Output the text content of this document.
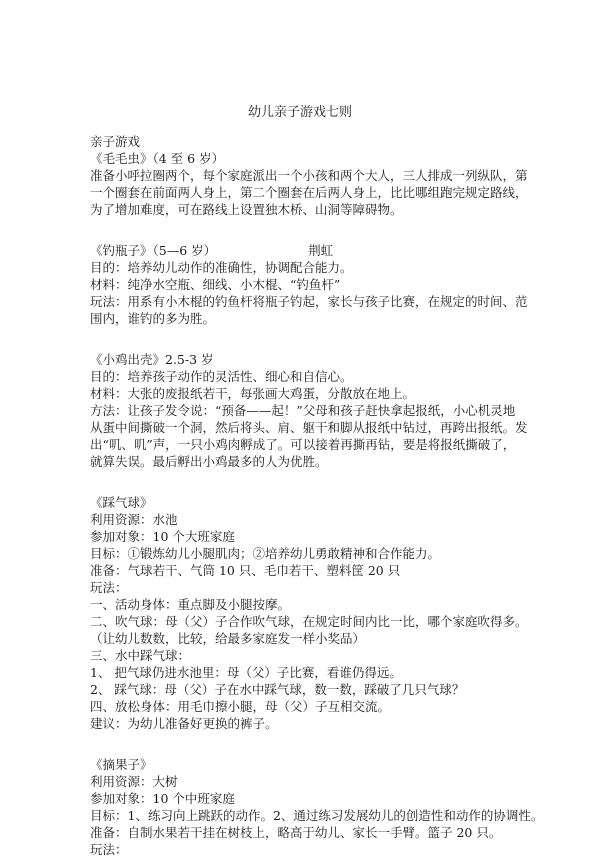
幼儿亲子游戏七则
亲子游戏
《毛毛虫》（4 至 6 岁）
准备小呼拉圈两个，每个家庭派出一个小孩和两个大人，三人排成一列纵队，第
一个圈套在前面两人身上，第二个圈套在后两人身上，比比哪组跑完规定路线，
为了增加难度，可在路线上设置独木桥、山洞等障碍物。
《钓瓶子》（5—6 岁）	荆虹
目的：培养幼儿动作的准确性，协调配合能力。
材料：纯净水空瓶、细线、小木棍、“钓鱼杆”
玩法：用系有小木棍的钓鱼杆将瓶子钓起，家长与孩子比赛，在规定的时间、范
围内，谁钓的多为胜。
《小鸡出壳》2.5-3 岁
目的：培养孩子动作的灵活性、细心和自信心。
材料：大张的废报纸若干，每张画大鸡蛋，分散放在地上。
方法：让孩子发令说：“预备——起！”父母和孩子赶快拿起报纸，小心机灵地
从蛋中间撕破一个洞，然后将头、肩、躯干和脚从报纸中钻过，再跨出报纸。发
出“叽、叽”声，一只小鸡肉孵成了。可以接着再撕再钻，要是将报纸撕破了，
就算失误。最后孵出小鸡最多的人为优胜。
《踩气球》
利用资源：水池
参加对象：10 个大班家庭
目标：①锻炼幼儿小腿肌肉；②培养幼儿勇敢精神和合作能力。
准备：气球若干、气筒 10 只、毛巾若干、塑料筐 20 只
玩法：
一、活动身体：重点脚及小腿按摩。
二、吹气球：母（父）子合作吹气球，在规定时间内比一比，哪个家庭吹得多。
（让幼儿数数，比较，给最多家庭发一样小奖品）
三、水中踩气球：
1、 把气球仍进水池里：母（父）子比赛，看谁仍得远。
2、 踩气球：母（父）子在水中踩气球，数一数，踩破了几只气球？
四、放松身体：用毛巾擦小腿，母（父）子互相交流。
建议：为幼儿准备好更换的裤子。
《摘果子》
利用资源：大树
参加对象：10 个中班家庭
目标：1、练习向上跳跃的动作。2、通过练习发展幼儿的创造性和动作的协调性。
准备：自制水果若干挂在树枝上，略高于幼儿、家长一手臂。篮子 20 只。
玩法：
